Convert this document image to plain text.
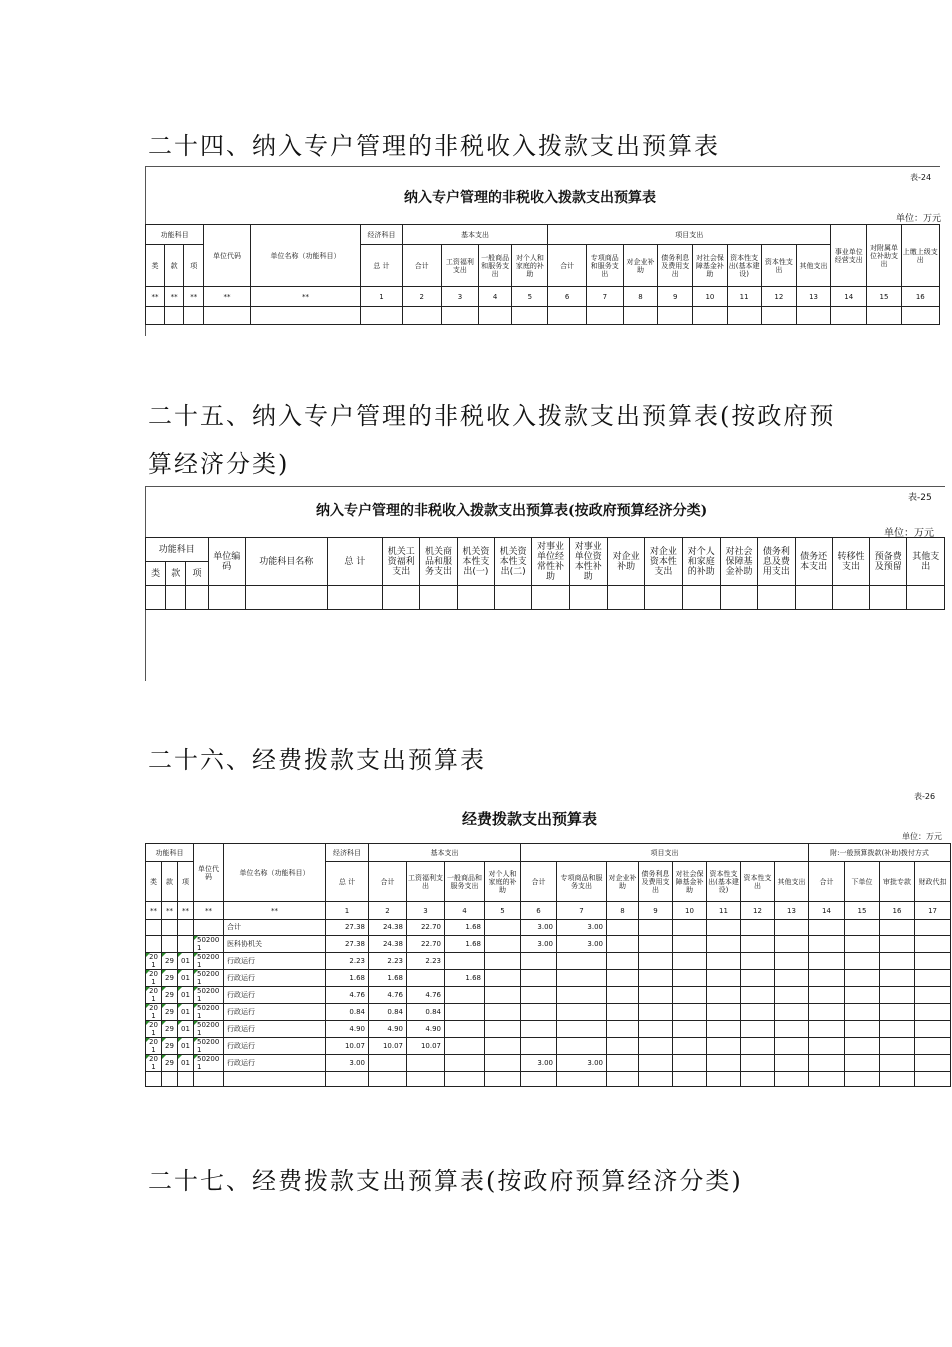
二十四、纳入专户管理的非税收入拨款支出预算表
二十五、纳入专户管理的非税收入拨款支出预算表(按政府预
算经济分类)
二十六、经费拨款支出预算表
二十七、经费拨款支出预算表(按政府预算经济分类)
表-24
纳入专户管理的非税收入拨款支出预算表
单位：万元
功能科目			单位代码	单位名称（功能科目）	经济科目	基本支出				项目支出								事业单位经营支出	对附属单位补助支出	上缴上级支出
类	款	项			总 计	合计	工资福利支出	一般商品和服务支出	对个人和家庭的补助	合计	专项商品和服务支出	对企业补助	债务利息及费用支出	对社会保障基金补助	资本性支出(基本建设)	资本性支出	其他支出			
**	**	**	**	**	1	2	3	4	5	6	7	8	9	10	11	12	13	14	15	16

表-25
纳入专户管理的非税收入拨款支出预算表(按政府预算经济分类)
单位：万元
功能科目			单位编码	功能科目名称	总 计	机关工资福利支出	机关商品和服务支出	机关资本性支出(一)	机关资本性支出(二)	对事业单位经常性补助	对事业单位资本性补助	对企业补助	对企业资本性支出	对个人和家庭的补助	对社会保障基金补助	债务利息及费用支出	债务还本支出	转移性支出	预备费及预留	其他支出
类	款	项																		

表-26
经费拨款支出预算表
单位：万元
功能科目			单位代码	单位名称（功能科目）	经济科目	基本支出				项目支出								附:一般预算拨款(补助)拨付方式			
类	款	项			总 计	合计	工资福利支出	一般商品和服务支出	对个人和家庭的补助	合计	专项商品和服务支出	对企业补助	债务利息及费用支出	对社会保障基金补助	资本性支出(基本建设)	资本性支出	其他支出	合计	下单位	审批专款	财政代扣
**	**	**	**	**	1	2	3	4	5	6	7	8	9	10	11	12	13	14	15	16	17
				合计	27.38	24.38	22.70	1.68		3.00	3.00										
			502001	医科协机关	27.38	24.38	22.70	1.68		3.00	3.00										
201	29	01	502001	行政运行	2.23	2.23	2.23														
201	29	01	502001	行政运行	1.68	1.68		1.68													
201	29	01	502001	行政运行	4.76	4.76	4.76														
201	29	01	502001	行政运行	0.84	0.84	0.84														
201	29	01	502001	行政运行	4.90	4.90	4.90														
201	29	01	502001	行政运行	10.07	10.07	10.07														
201	29	01	502001	行政运行	3.00					3.00	3.00										
